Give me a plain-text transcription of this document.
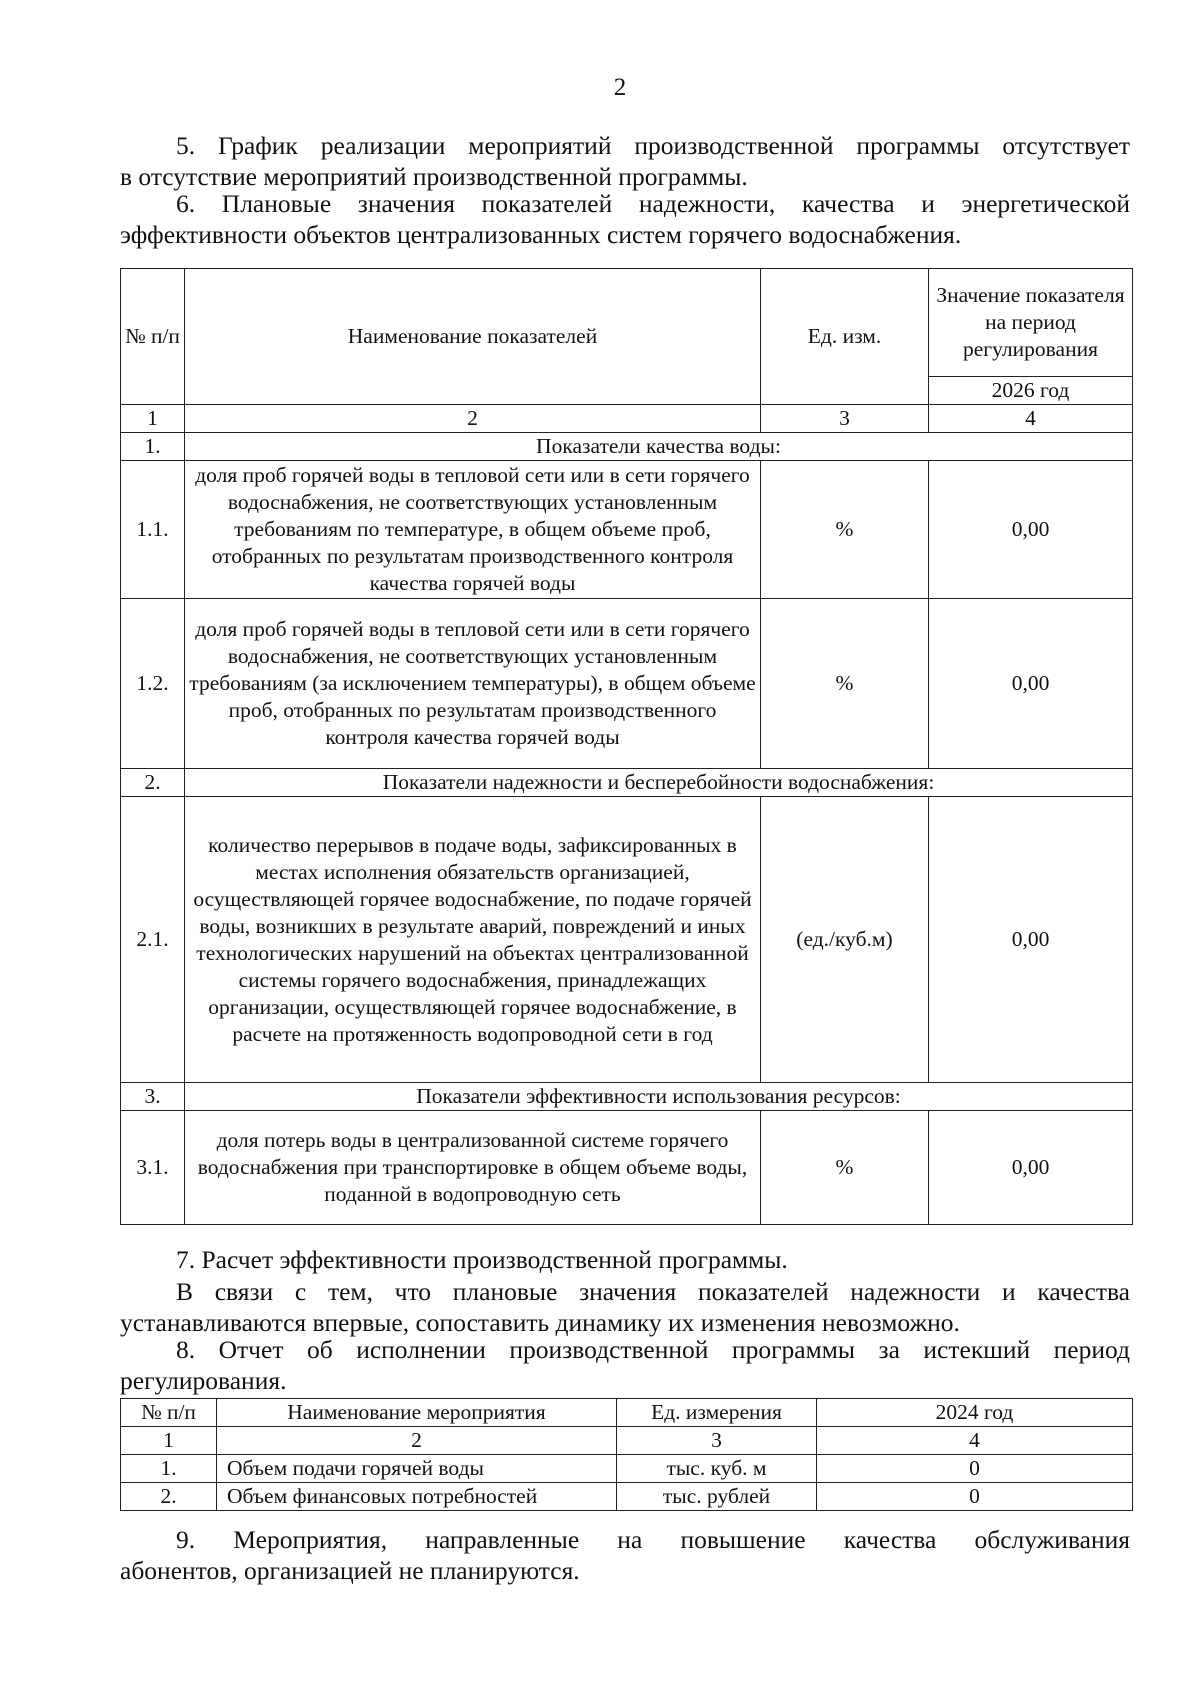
2
5. График реализации мероприятий производственной программы отсутствует
в отсутствие мероприятий производственной программы.
6. Плановые значения показателей надежности, качества и энергетической
эффективности объектов централизованных систем горячего водоснабжения.
№ п/п	Наименование показателей	Ед. изм.	Значение показателя на период регулирования
			2026 год
1	2	3	4
1.	Показатели качества воды:		
1.1.	доля проб горячей воды в тепловой сети или в сети горячего водоснабжения, не соответствующих установленным требованиям по температуре, в общем объеме проб, отобранных по результатам производственного контроля качества горячей воды	%	0,00
1.2.	доля проб горячей воды в тепловой сети или в сети горячего водоснабжения, не соответствующих установленным требованиям (за исключением температуры), в общем объеме проб, отобранных по результатам производственного контроля качества горячей воды	%	0,00
2.	Показатели надежности и бесперебойности водоснабжения:		
2.1.	количество перерывов в подаче воды, зафиксированных в местах исполнения обязательств организацией, осуществляющей горячее водоснабжение, по подаче горячей воды, возникших в результате аварий, повреждений и иных технологических нарушений на объектах централизованной системы горячего водоснабжения, принадлежащих организации, осуществляющей горячее водоснабжение, в расчете на протяженность водопроводной сети в год	(ед./куб.м)	0,00
3.	Показатели эффективности использования ресурсов:		
3.1.	доля потерь воды в централизованной системе горячего водоснабжения при транспортировке в общем объеме воды, поданной в водопроводную сеть	%	0,00
7. Расчет эффективности производственной программы.
В связи с тем, что плановые значения показателей надежности и качества
устанавливаются впервые, сопоставить динамику их изменения невозможно.
8. Отчет об исполнении производственной программы за истекший период
регулирования.
№ п/п	Наименование мероприятия	Ед. измерения	2024 год
1	2	3	4
1.	Объем подачи горячей воды	тыс. куб. м	0
2.	Объем финансовых потребностей	тыс. рублей	0
9. Мероприятия, направленные на повышение качества обслуживания
абонентов, организацией не планируются.
